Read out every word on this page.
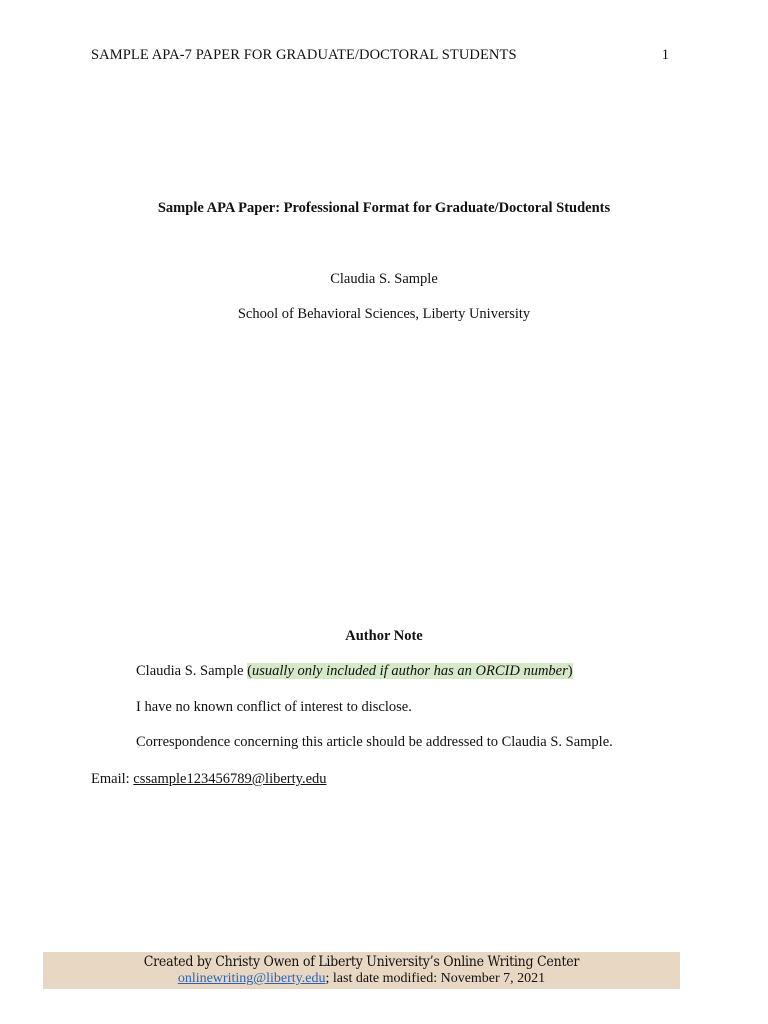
SAMPLE APA-7 PAPER FOR GRADUATE/DOCTORAL STUDENTS	1
Sample APA Paper: Professional Format for Graduate/Doctoral Students
Claudia S. Sample
School of Behavioral Sciences, Liberty University
Author Note
Claudia S. Sample (usually only included if author has an ORCID number)
I have no known conflict of interest to disclose.
Correspondence concerning this article should be addressed to Claudia S. Sample.
Email: cssample123456789@liberty.edu
Created by Christy Owen of Liberty University’s Online Writing Center
onlinewriting@liberty.edu; last date modified: November 7, 2021
